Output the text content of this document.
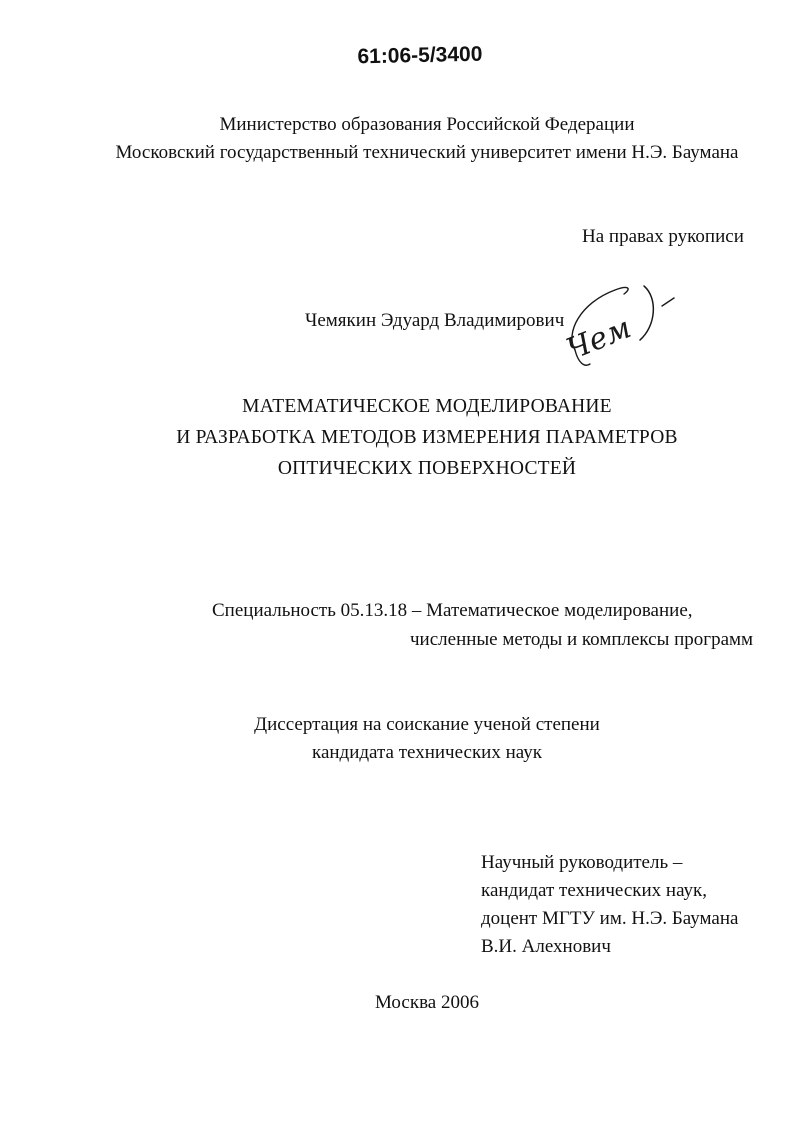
61:06-5/3400
Министерство образования Российской Федерации
Московский государственный технический университет имени Н.Э. Баумана
На правах рукописи
Чемякин Эдуард Владимирович
Чем
МАТЕМАТИЧЕСКОЕ МОДЕЛИРОВАНИЕ
И РАЗРАБОТКА МЕТОДОВ ИЗМЕРЕНИЯ ПАРАМЕТРОВ
ОПТИЧЕСКИХ ПОВЕРХНОСТЕЙ
Специальность 05.13.18 – Математическое моделирование,
численные методы и комплексы программ
Диссертация на соискание ученой степени
кандидата технических наук
Научный руководитель –
кандидат технических наук,
доцент МГТУ им. Н.Э. Баумана
В.И. Алехнович
Москва 2006
